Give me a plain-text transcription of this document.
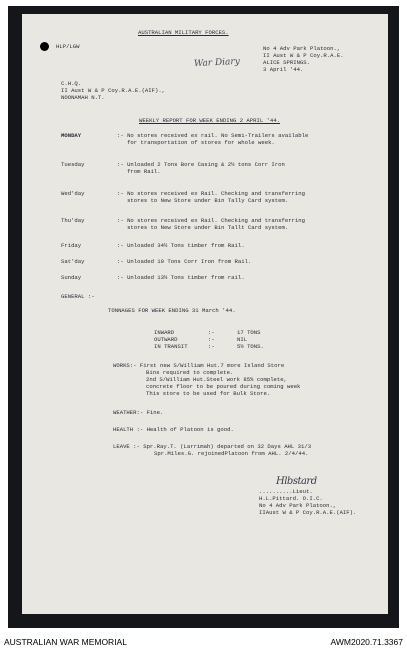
HLP/LGW
AUSTRALIAN MILITARY FORCES.
War Diary
No 4 Adv Park Platoon.,
II Aust W & P Coy.R.A.E.
ALICE SPRINGS.
3 April '44.
C.H.Q.
II Aust W & P Coy.R.A.E.(AIF).,
NOONAMAH N.T.
WEEKLY REPORT FOR WEEK ENDING 2 APRIL '44.
MONDAY	:- No stores received ex rail. No Semi-Trailers available
for transportation of stores for whole week.
Tuesday	:- Unloaded 2 Tons Bore Casing & 2½ tons Corr Iron
from Rail.
Wed'day	:- No stores received ex Rail. Checking and transferring
stores to New Store under Bin Tally Card system.
Thu'day	:- No stores received ex Rail. Checking and transferring
stores to New Store under Bin Tallt Card system.
Friday	:- Unloaded 34½ Tons timber from Rail.
Sat'day	:- Unloaded 10 Tons Corr Iron from Rail.
Sunday	:- Unloaded 13½ Tons timber from rail.
GENERAL :-
TONNAGES FOR WEEK ENDING 31 March '44.
INWARD	:-	17 TONS
OUTWARD	:-	NIL
IN TRANSIT	:-	5½ TONS.
WORKS:- First new S/William Hut.7 more Island Store
Bins required to complete.
2nd S/William Hut.Steel work 85% complete,
concrete floor to be poured during coming week
This store to be used for Bulk Store.
WEATHER:- Fine.
HEALTH :- Health of Platoon is good.
LEAVE :- Spr.Ray.T. (Larrimah) departed on 32 Days AHL 31/3
Spr.Miles.G. rejoinedPlatoon from AHL. 2/4/44.
Hlbstard
..........Lieut.
H.L.Pittard. O.I.C.
No 4 Adv Park Platoon.,
IIAust W & P Coy.R.A.E.(AIF).
AUSTRALIAN WAR MEMORIAL	AWM2020.71.3367
